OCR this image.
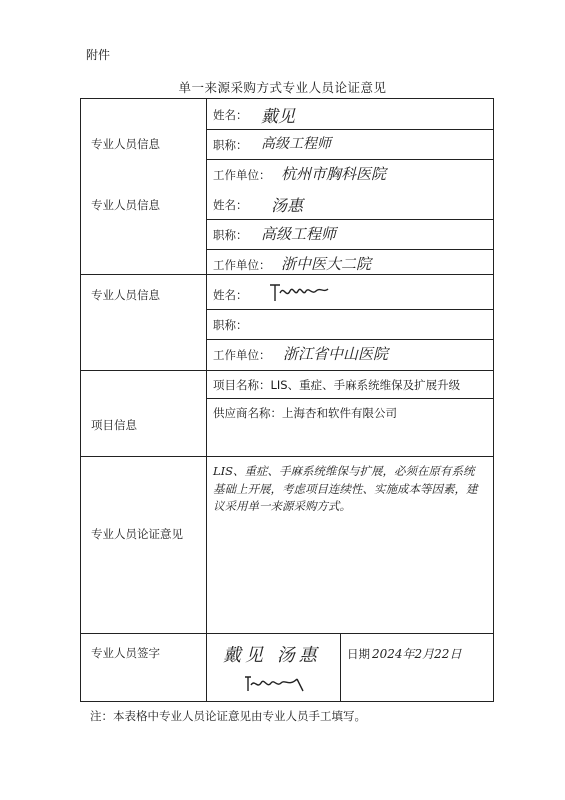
附件
单一来源采购方式专业人员论证意见
专业人员信息
姓名： 戴见
职称： 高级工程师
工作单位： 杭州市胸科医院
专业人员信息	姓名： 汤惠
职称： 高级工程师
工作单位： 浙中医大二院
专业人员信息	姓名：
职称：
工作单位： 浙江省中山医院
项目信息
项目名称：LIS、重症、手麻系统维保及扩展升级
供应商名称：上海杏和软件有限公司
专业人员论证意见
LIS、重症、手麻系统维保与扩展，必须在原有系统基础上开展，考虑项目连续性、实施成本等因素，建议采用单一来源采购方式。
专业人员签字	戴见 汤惠 日期 2024年2月22日
注：本表格中专业人员论证意见由专业人员手工填写。
